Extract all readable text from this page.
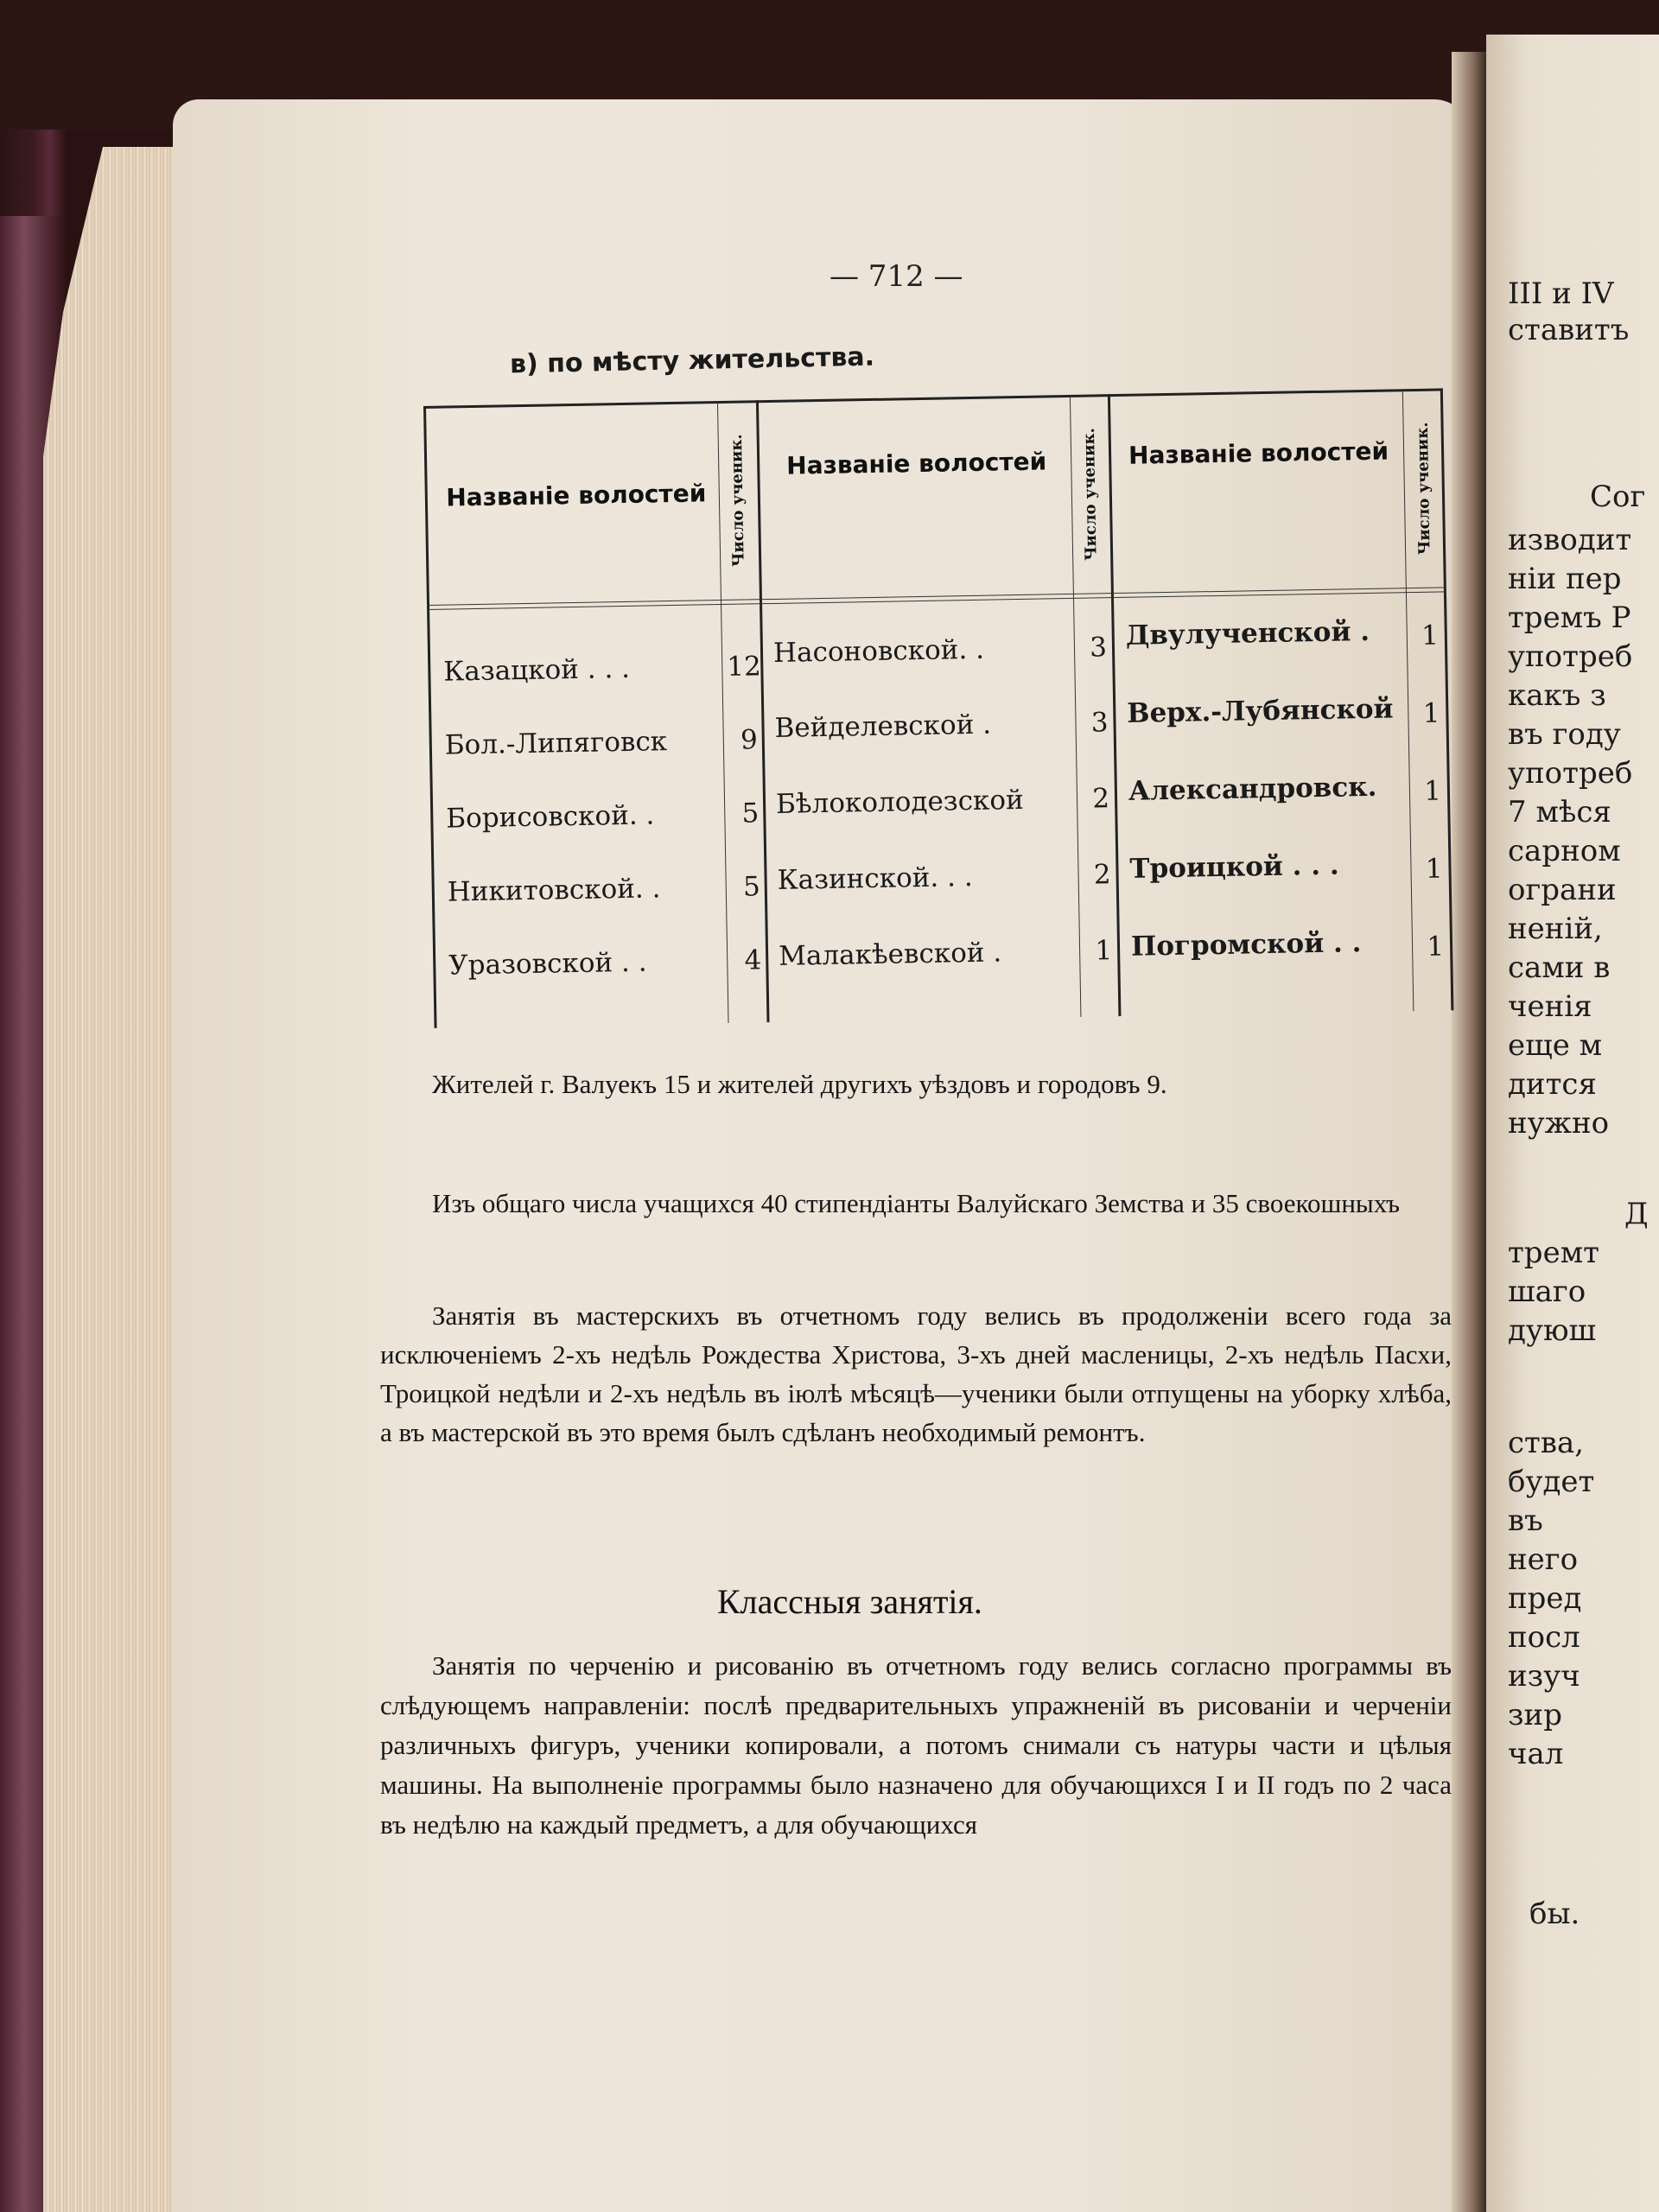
— 712 —
в) по мѣсту жительства.
Названіе волостей	Число ученик.	Названіе волостей	Число ученик.	Названіе волостей	Число ученик.
Казацкой . . .	12
Бол.-Липяговск	9
Борисовской. .	5
Никитовской. .	5
Уразовской . .	4
Насоновской. .	3
Вейделевской .	3
Бѣлоколодезской	2
Казинской. . .	2
Малакѣевской .	1
Двулученской .	1
Верх.-Лубянской	1
Александровск.	1
Троицкой . . .	1
Погромской . .	1
Жителей г. Валуекъ 15 и жителей другихъ уѣздовъ и городовъ 9.
Изъ общаго числа учащихся 40 стипендіанты Валуйскаго Земства и 35 своекошныхъ
Занятія въ мастерскихъ въ отчетномъ году велись въ продолженіи всего года за исключеніемъ 2-хъ недѣль Рождества Христова, 3-хъ дней масленицы, 2-хъ недѣль Пасхи, Троицкой недѣли и 2-хъ недѣль въ іюлѣ мѣсяцѣ—ученики были отпущены на уборку хлѣба, а въ мастерской въ это время былъ сдѣланъ необходимый ремонтъ.
Классныя занятія.
Занятія по черченію и рисованію въ отчетномъ году велись согласно программы въ слѣдующемъ направленіи: послѣ предварительныхъ упражненій въ рисованіи и черченіи различныхъ фигуръ, ученики копировали, а потомъ снимали съ натуры части и цѣлыя машины. На выполненіе программы было назначено для обучающихся I и II годъ по 2 часа въ недѣлю на каждый предметъ, а для обучающихся
III и IV
ставитъ
Сог
изводит
ніи пер
тремъ Р
употреб
какъ з
въ году
употреб
7 мѣся
сарном
ограни
неній,
сами в
ченія
еще м
дится
нужно
Д
тремт
шаго
дуюш
ства,
будет
въ
него
пред
посл
изуч
зир
чал
бы.
